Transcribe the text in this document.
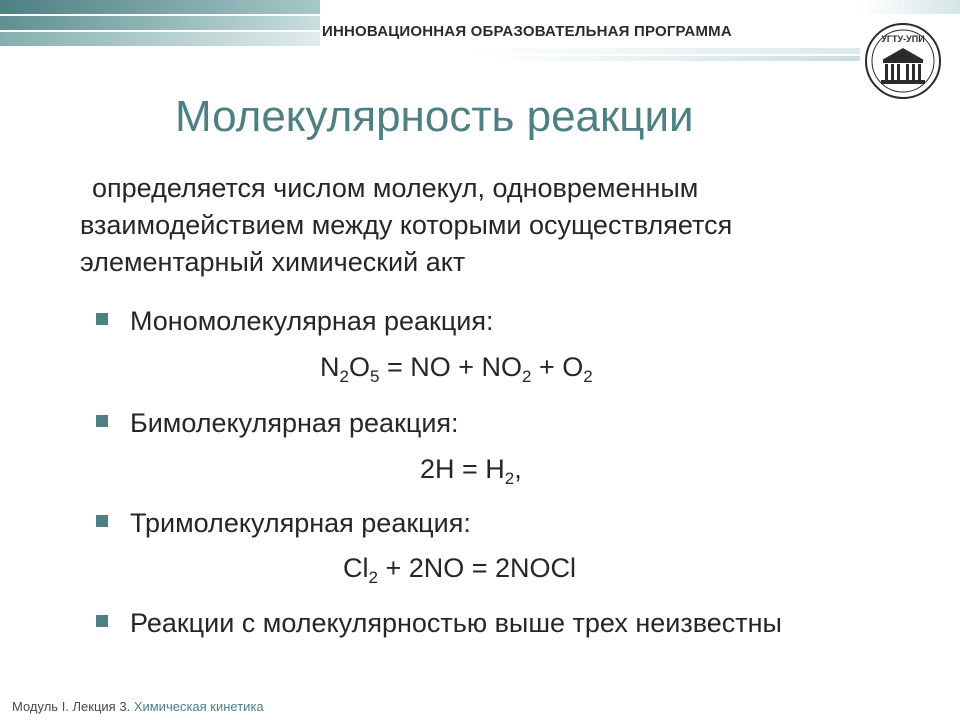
ИННОВАЦИОННАЯ ОБРАЗОВАТЕЛЬНАЯ ПРОГРАММА	УГТУ-УПИ
Молекулярность реакции
определяется числом молекул, одновременным
взаимодействием между которыми осуществляется
элементарный химический акт
Мономолекулярная реакция:
$N_2O_5$ = NO + $NO_2 + O_2$
Бимолекулярная реакция:
$2H = H_2$,
Тримолекулярная реакция:
$Cl_2 + 2NO$ = 2NOCl
Реакции с молекулярностью выше трех неизвестны
Модуль I. Лекция 3. Химическая кинетика
